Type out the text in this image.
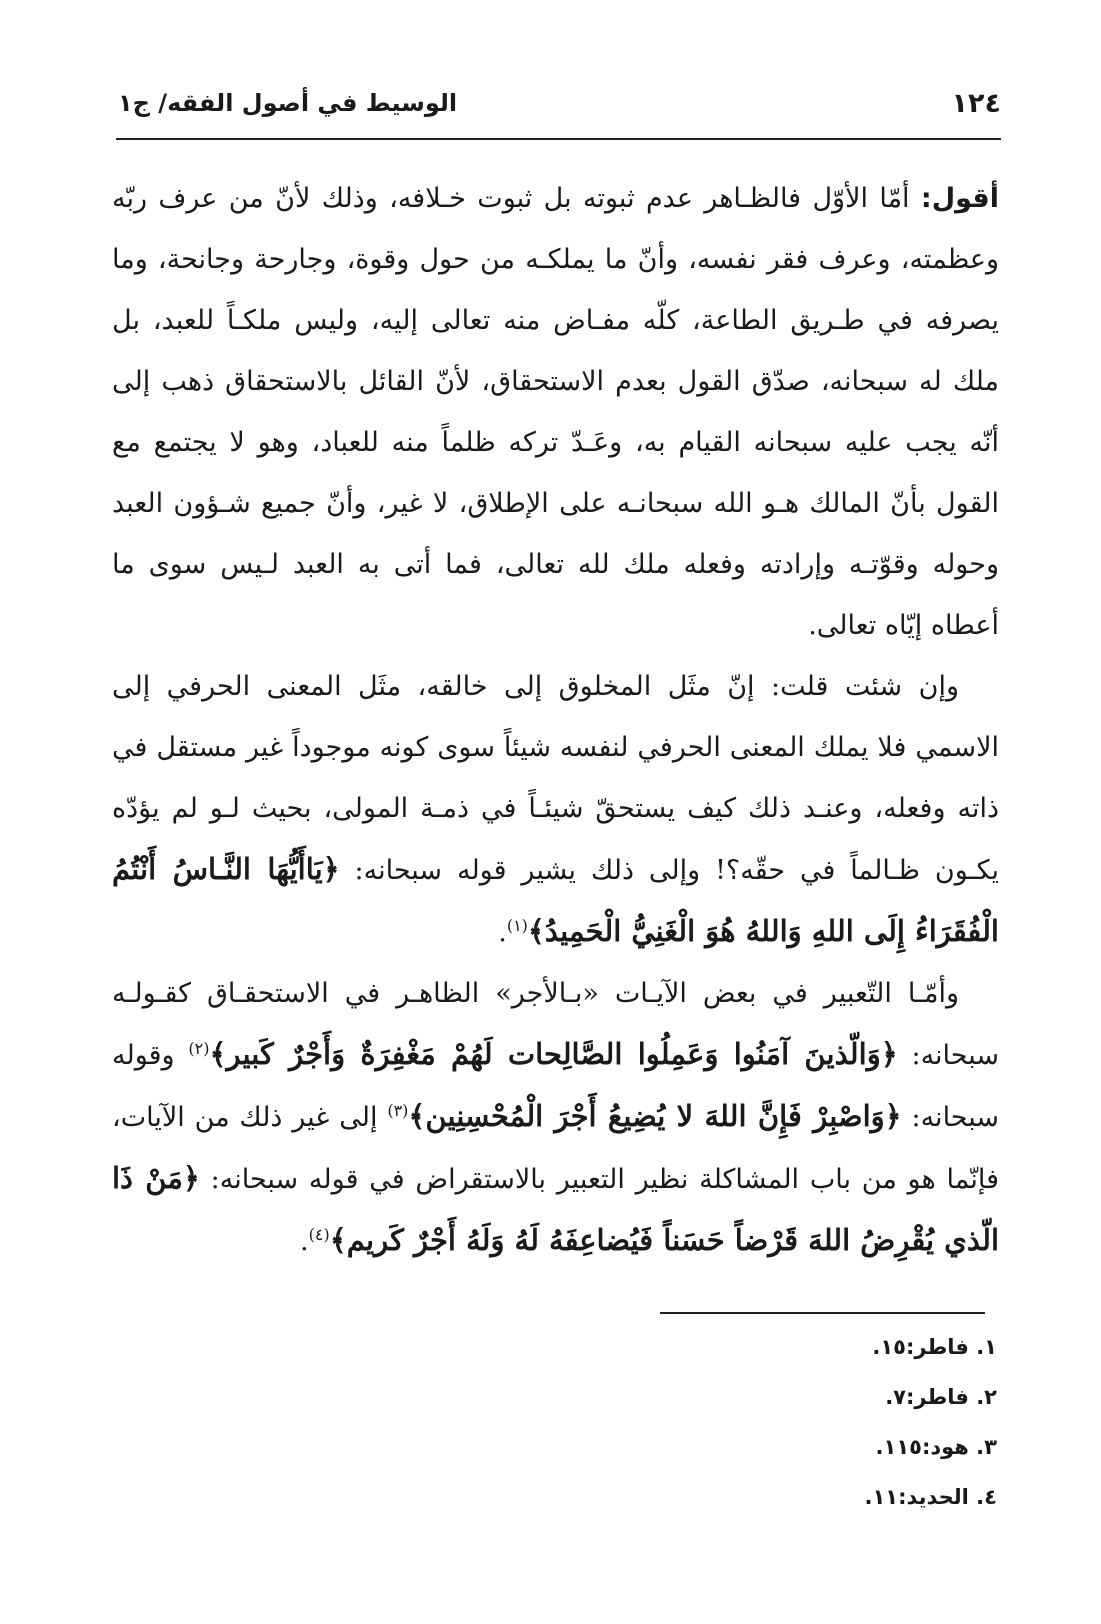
١٢٤
الوسيط في أصول الفقه/ ج١

أقول: أمّا الأوّل فالظـاهر عدم ثبوته بل ثبوت خـلافه، وذلك لأنّ من عرف ربّه وعظمته، وعرف فقر نفسه، وأنّ ما يملكـه من حول وقوة، وجارحة وجانحة، وما يصرفه في طـريق الطاعة، كلّه مفـاض منه تعالى إليه، وليس ملكـاً للعبد، بل ملك له سبحانه، صدّق القول بعدم الاستحقاق، لأنّ القائل بالاستحقاق ذهب إلى أنّه يجب عليه سبحانه القيام به، وعَـدّ تركه ظلماً منه للعباد، وهو لا يجتمع مع القول بأنّ المالك هـو الله سبحانـه على الإطلاق، لا غير، وأنّ جميع شـؤون العبد وحوله وقوّتـه وإرادته وفعله ملك لله تعالى، فما أتى به العبد لـيس سوى ما أعطاه إيّاه تعالى.

وإن شئت قلت: إنّ مثَل المخلوق إلى خالقه، مثَل المعنى الحرفي إلى الاسمي فلا يملك المعنى الحرفي لنفسه شيئاً سوى كونه موجوداً غير مستقل في ذاته وفعله، وعنـد ذلك كيف يستحقّ شيئـاً في ذمـة المولى، بحيث لـو لم يؤدّه يكـون ظـالماً في حقّه؟! وإلى ذلك يشير قوله سبحانه: ﴿يَاأَيُّهَا النَّـاسُ أَنْتُمُ الْفُقَرَاءُ إِلَى اللهِ وَاللهُ هُوَ الْغَنِيُّ الْحَمِيدُ﴾$^{(١)}$.

وأمّـا التّعبير في بعض الآيـات «بـالأجر» الظاهـر في الاستحقـاق كقـولـه سبحانه: ﴿وَالّذينَ آمَنُوا وَعَمِلُوا الصَّالِحات لَهُمْ مَغْفِرَةٌ وَأَجْرٌ كَبير﴾$^{(٢)}$ وقوله سبحانه: ﴿وَاصْبِرْ فَإِنَّ اللهَ لا يُضِيعُ أَجْرَ الْمُحْسِنِين﴾$^{(٣)}$ إلى غير ذلك من الآيات، فإنّما هو من باب المشاكلة نظير التعبير بالاستقراض في قوله سبحانه: ﴿مَنْ ذَا الّذي يُقْرِضُ اللهَ قَرْضاً حَسَناً فَيُضاعِفَهُ لَهُ وَلَهُ أَجْرٌ كَريم﴾$^{(٤)}$.

١. فاطر:١٥.
٢. فاطر:٧.
٣. هود:١١٥.
٤. الحديد:١١.
